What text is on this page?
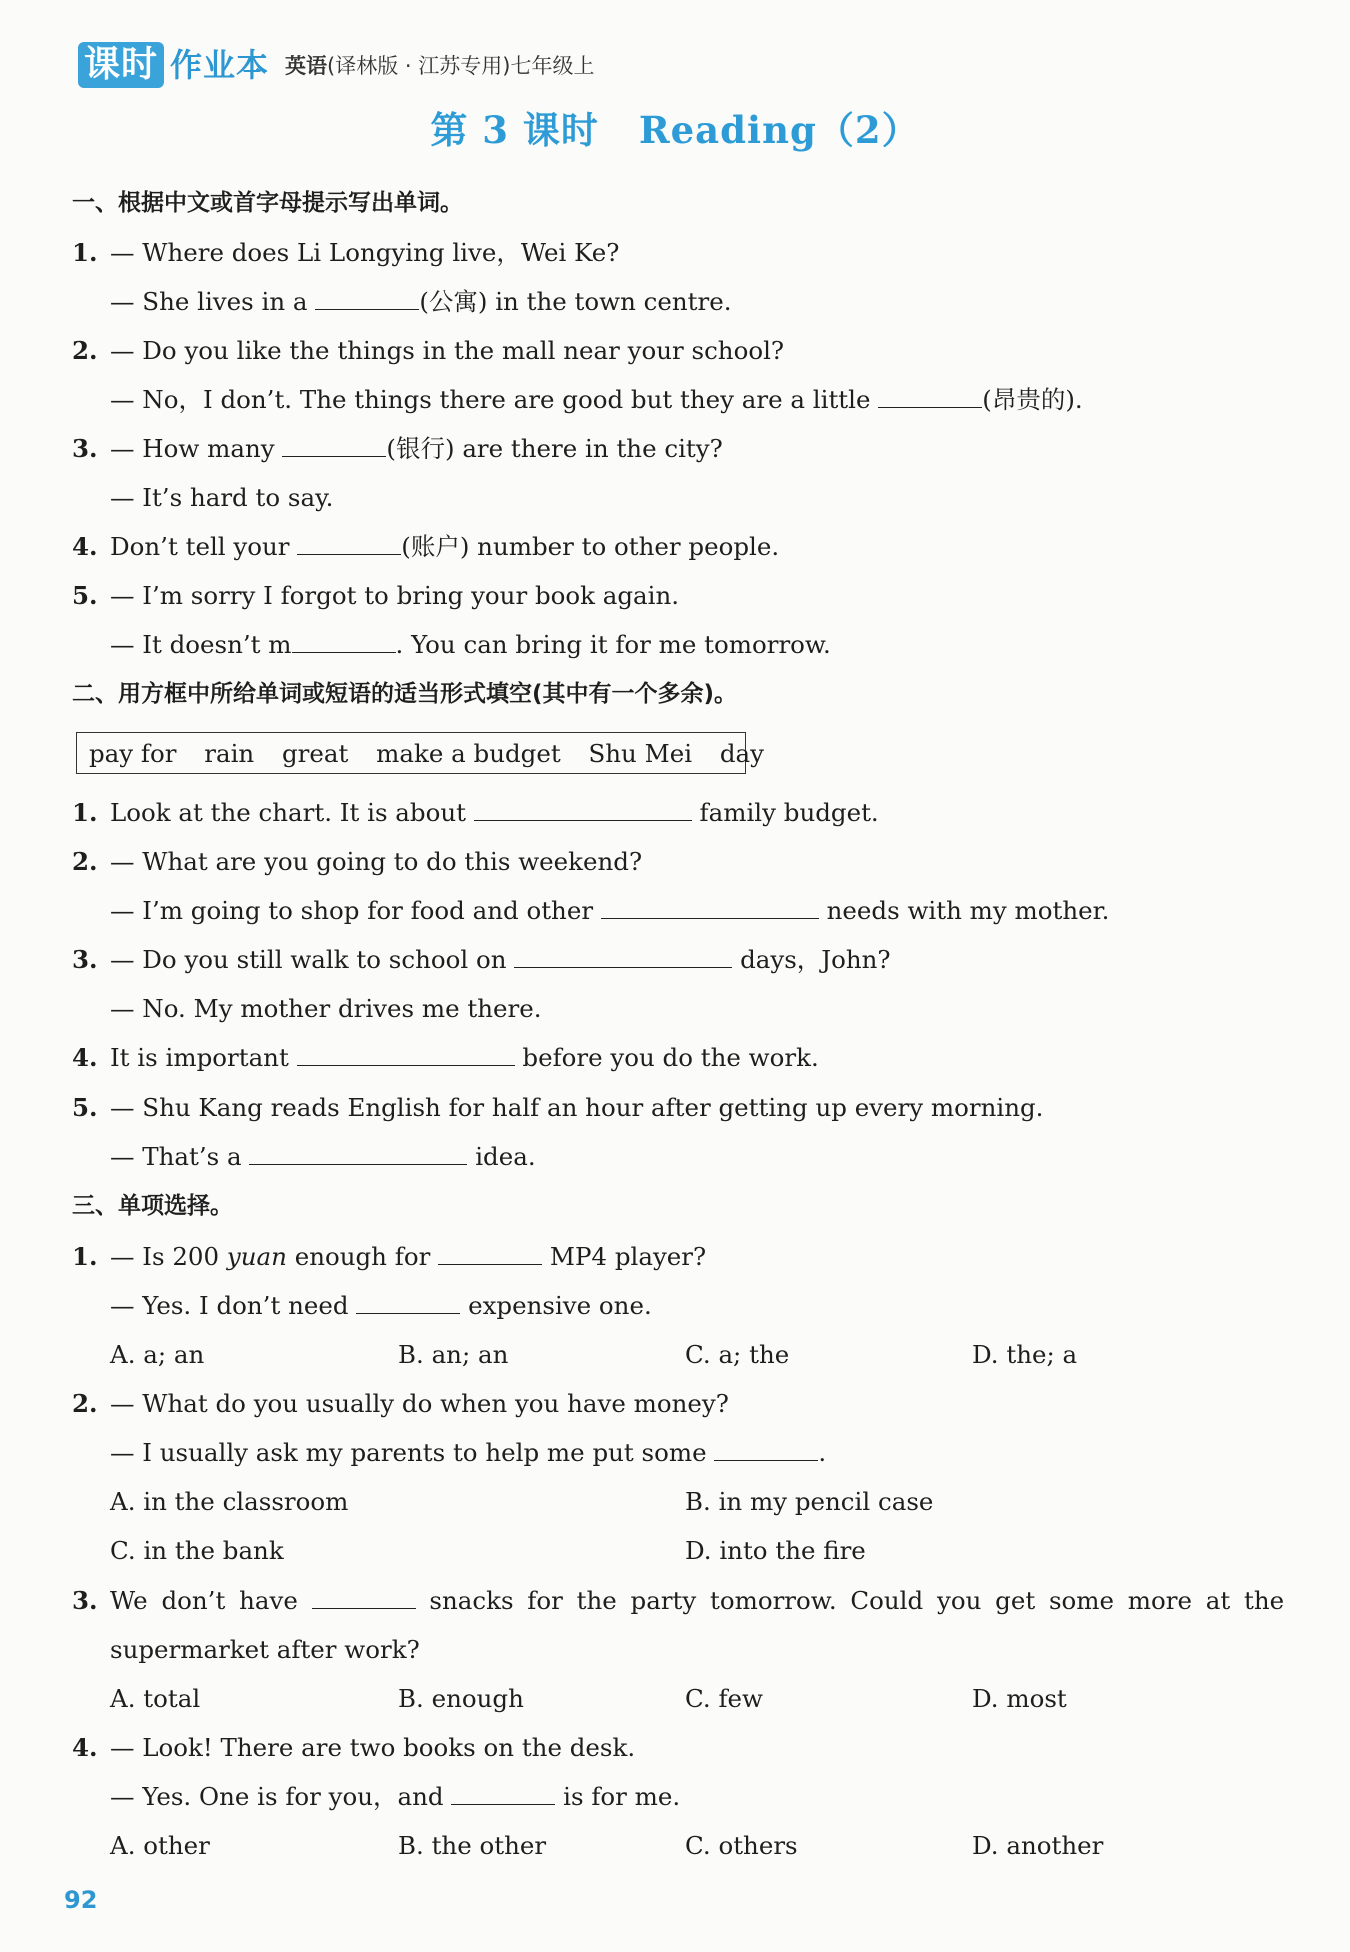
课时 作业本 英语(译林版 · 江苏专用)七年级上
第 3 课时 Reading（2）
一、根据中文或首字母提示写出单词。
1. — Where does Li Longying live，Wei Ke?
— She lives in a	(公寓) in the town centre.
2. — Do you like the things in the mall near your school?
— No，I don’t. The things there are good but they are a little	(昂贵的).
3. — How many	(银行) are there in the city?
— It’s hard to say.
4. Don’t tell your	(账户) number to other people.
5. — I’m sorry I forgot to bring your book again.
— It doesn’t m	. You can bring it for me tomorrow.
二、用方框中所给单词或短语的适当形式填空(其中有一个多余)。
pay for rain great make a budget Shu Mei day
1. Look at the chart. It is about	family budget.
2. — What are you going to do this weekend?
— I’m going to shop for food and other	needs with my mother.
3. — Do you still walk to school on	days，John?
— No. My mother drives me there.
4. It is important	before you do the work.
5. — Shu Kang reads English for half an hour after getting up every morning.
— That’s a	idea.
三、单项选择。
1. — Is 200 yuan enough for	MP4 player?
— Yes. I don’t need	expensive one.
A. a; an	B. an; an	C. a; the	D. the; a
2. — What do you usually do when you have money?
— I usually ask my parents to help me put some	.
A. in the classroom	B. in my pencil case
C. in the bank	D. into the fire
3. We don’t have	snacks for the party tomorrow. Could you get some more at the
supermarket after work?
A. total	B. enough	C. few	D. most
4. — Look! There are two books on the desk.
— Yes. One is for you，and	is for me.
A. other	B. the other	C. others	D. another
92
